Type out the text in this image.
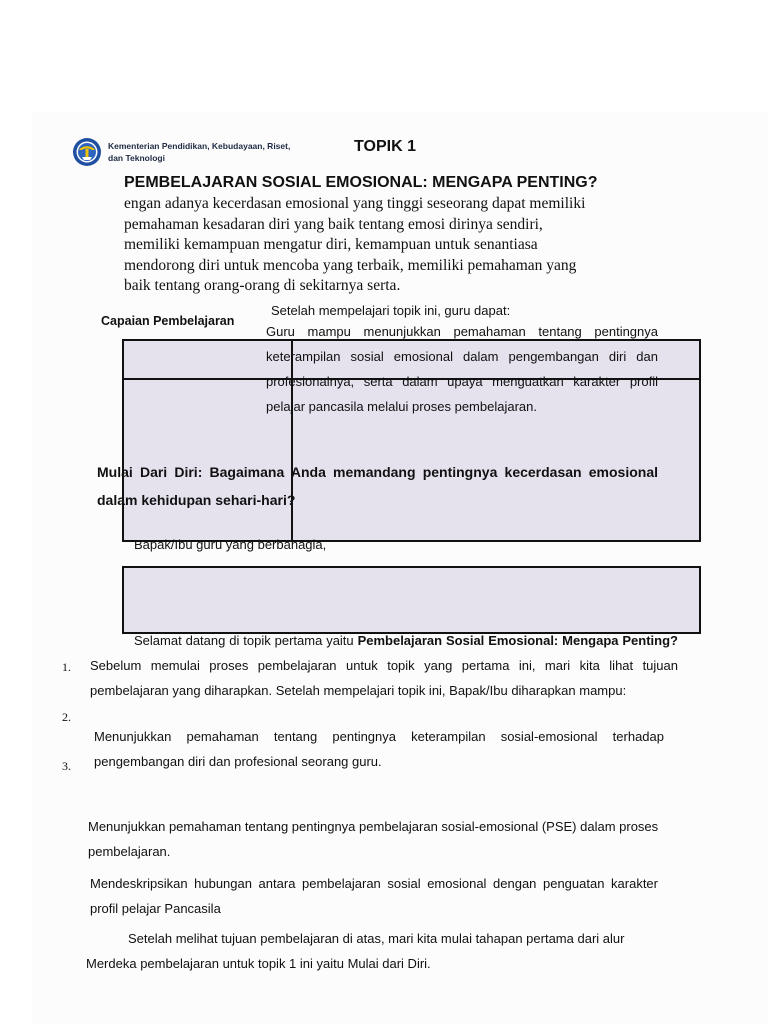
Kementerian Pendidikan, Kebudayaan, Riset, dan Teknologi
TOPIK 1
PEMBELAJARAN SOSIAL EMOSIONAL: MENGAPA PENTING?
engan adanya kecerdasan emosional yang tinggi seseorang dapat memiliki
pemahaman kesadaran diri yang baik tentang emosi dirinya sendiri,
memiliki kemampuan mengatur diri, kemampuan untuk senantiasa
mendorong diri untuk mencoba yang terbaik, memiliki pemahaman yang
baik tentang orang-orang di sekitarnya serta.
Capaian Pembelajaran
Setelah mempelajari topik ini, guru dapat:
Guru mampu menunjukkan pemahaman tentang pentingnya keterampilan sosial emosional dalam pengembangan diri dan profesionalnya, serta dalam upaya menguatkan karakter profil pelajar pancasila melalui proses pembelajaran.
Mulai Dari Diri: Bagaimana Anda memandang pentingnya kecerdasan emosional dalam kehidupan sehari-hari?
Bapak/Ibu guru yang berbahagia,
Selamat datang di topik pertama yaitu Pembelajaran Sosial Emosional: Mengapa Penting? Sebelum memulai proses pembelajaran untuk topik yang pertama ini, mari kita lihat tujuan pembelajaran yang diharapkan. Setelah mempelajari topik ini, Bapak/Ibu diharapkan mampu:
1.
2.
3.
Menunjukkan pemahaman tentang pentingnya keterampilan sosial-emosional terhadap pengembangan diri dan profesional seorang guru.
Menunjukkan pemahaman tentang pentingnya pembelajaran sosial-emosional (PSE) dalam proses pembelajaran.
Mendeskripsikan hubungan antara pembelajaran sosial emosional dengan penguatan karakter profil pelajar Pancasila
Setelah melihat tujuan pembelajaran di atas, mari kita mulai tahapan pertama dari alur Merdeka pembelajaran untuk topik 1 ini yaitu Mulai dari Diri.
